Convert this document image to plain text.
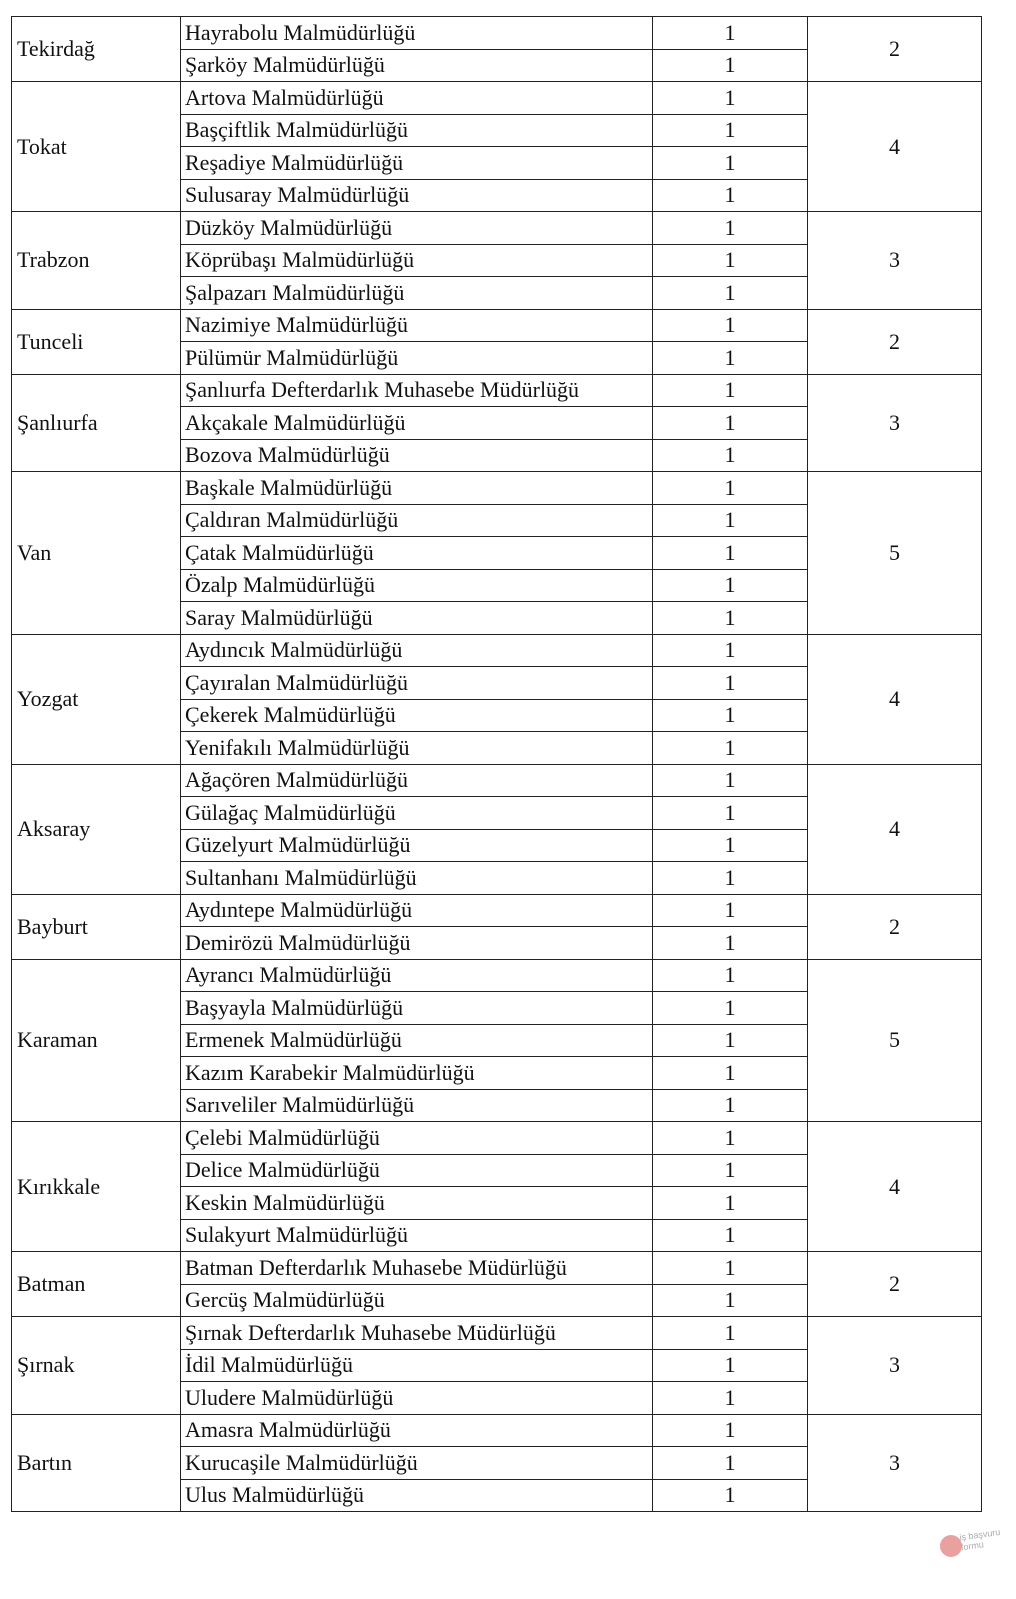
Tekirdağ	Hayrabolu Malmüdürlüğü	1	2
	Şarköy Malmüdürlüğü	1	
Tokat	Artova Malmüdürlüğü	1	4
	Başçiftlik Malmüdürlüğü	1	
	Reşadiye Malmüdürlüğü	1	
	Sulusaray Malmüdürlüğü	1	
Trabzon	Düzköy Malmüdürlüğü	1	3
	Köprübaşı Malmüdürlüğü	1	
	Şalpazarı Malmüdürlüğü	1	
Tunceli	Nazimiye Malmüdürlüğü	1	2
	Pülümür Malmüdürlüğü	1	
Şanlıurfa	Şanlıurfa Defterdarlık Muhasebe Müdürlüğü	1	3
	Akçakale Malmüdürlüğü	1	
	Bozova Malmüdürlüğü	1	
Van	Başkale Malmüdürlüğü	1	5
	Çaldıran Malmüdürlüğü	1	
	Çatak Malmüdürlüğü	1	
	Özalp Malmüdürlüğü	1	
	Saray Malmüdürlüğü	1	
Yozgat	Aydıncık Malmüdürlüğü	1	4
	Çayıralan Malmüdürlüğü	1	
	Çekerek Malmüdürlüğü	1	
	Yenifakılı Malmüdürlüğü	1	
Aksaray	Ağaçören Malmüdürlüğü	1	4
	Gülağaç Malmüdürlüğü	1	
	Güzelyurt Malmüdürlüğü	1	
	Sultanhanı Malmüdürlüğü	1	
Bayburt	Aydıntepe Malmüdürlüğü	1	2
	Demirözü Malmüdürlüğü	1	
Karaman	Ayrancı Malmüdürlüğü	1	5
	Başyayla Malmüdürlüğü	1	
	Ermenek Malmüdürlüğü	1	
	Kazım Karabekir Malmüdürlüğü	1	
	Sarıveliler Malmüdürlüğü	1	
Kırıkkale	Çelebi Malmüdürlüğü	1	4
	Delice Malmüdürlüğü	1	
	Keskin Malmüdürlüğü	1	
	Sulakyurt Malmüdürlüğü	1	
Batman	Batman Defterdarlık Muhasebe Müdürlüğü	1	2
	Gercüş Malmüdürlüğü	1	
Şırnak	Şırnak Defterdarlık Muhasebe Müdürlüğü	1	3
	İdil Malmüdürlüğü	1	
	Uludere Malmüdürlüğü	1	
Bartın	Amasra Malmüdürlüğü	1	3
	Kurucaşile Malmüdürlüğü	1	
	Ulus Malmüdürlüğü	1	
iş başvuru formu
